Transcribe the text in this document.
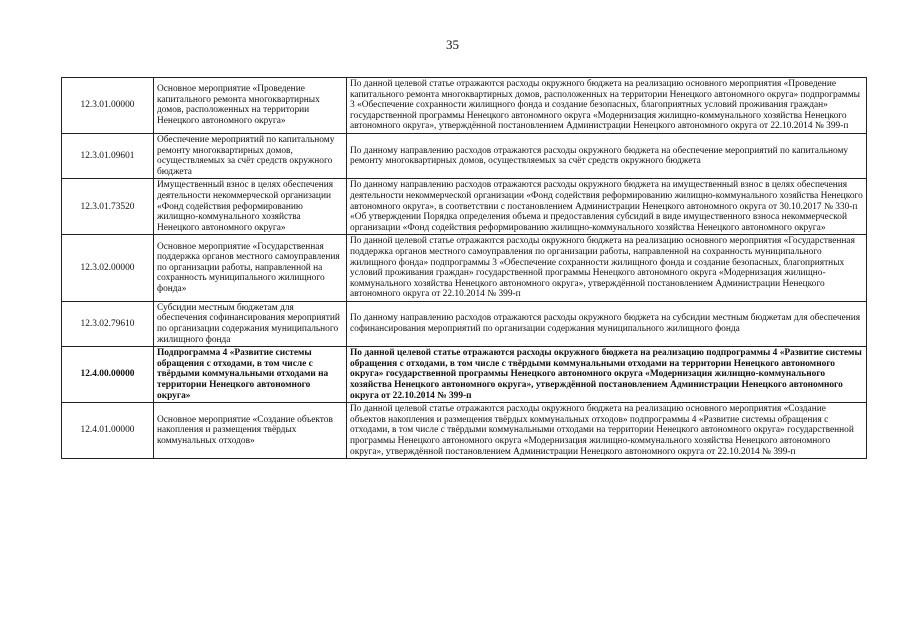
35
12.3.01.00000	Основное мероприятие «Проведение капитального ремонта многоквартирных домов, расположенных на территории Ненецкого автономного округа»	По данной целевой статье отражаются расходы окружного бюджета на реализацию основного мероприятия «Проведение капитального ремонта многоквартирных домов, расположенных на территории Ненецкого автономного округа» подпрограммы 3 «Обеспечение сохранности жилищного фонда и создание безопасных, благоприятных условий проживания граждан» государственной программы Ненецкого автономного округа «Модернизация жилищно-коммунального хозяйства Ненецкого автономного округа», утверждённой постановлением Администрации Ненецкого автономного округа от 22.10.2014 № 399-п
12.3.01.09601	Обеспечение мероприятий по капитальному ремонту многоквартирных домов, осуществляемых за счёт средств окружного бюджета	По данному направлению расходов отражаются расходы окружного бюджета на обеспечение мероприятий по капитальному ремонту многоквартирных домов, осуществляемых за счёт средств окружного бюджета
12.3.01.73520	Имущественный взнос в целях обеспечения деятельности некоммерческой организации «Фонд содействия реформированию жилищно-коммунального хозяйства Ненецкого автономного округа»	По данному направлению расходов отражаются расходы окружного бюджета на имущественный взнос в целях обеспечения деятельности некоммерческой организации «Фонд содействия реформированию жилищно-коммунального хозяйства Ненецкого автономного округа», в соответствии с постановлением Администрации Ненецкого автономного округа от 30.10.2017 № 330-п «Об утверждении Порядка определения объемa и предоставления субсидий в виде имущественного взноса некоммерческой организации «Фонд содействия реформированию жилищно-коммунального хозяйства Ненецкого автономного округа»
12.3.02.00000	Основное мероприятие «Государственная поддержка органов местного самоуправления по организации работы, направленной на сохранность муниципального жилищного фонда»	По данной целевой статье отражаются расходы окружного бюджета на реализацию основного мероприятия «Государственная поддержка органов местного самоуправления по организации работы, направленной на сохранность муниципального жилищного фонда» подпрограммы 3 «Обеспечение сохранности жилищного фонда и создание безопасных, благоприятных условий проживания граждан» государственной программы Ненецкого автономного округа «Модернизация жилищно-коммунального хозяйства Ненецкого автономного округа», утверждённой постановлением Администрации Ненецкого автономного округа от 22.10.2014 № 399-п
12.3.02.79610	Субсидии местным бюджетам для обеспечения софинансирования мероприятий по организации содержания муниципального жилищного фонда	По данному направлению расходов отражаются расходы окружного бюджета на субсидии местным бюджетам для обеспечения софинансирования мероприятий по организации содержания муниципального жилищного фонда
12.4.00.00000	Подпрограмма 4 «Развитие системы обращения с отходами, в том числе с твёрдыми коммунальными отходами на территории Ненецкого автономного округа»	По данной целевой статье отражаются расходы окружного бюджета на реализацию подпрограммы 4 «Развитие системы обращения с отходами, в том числе с твёрдыми коммунальными отходами на территории Ненецкого автономного округа» государственной программы Ненецкого автономного округа «Модернизация жилищно-коммунального хозяйства Ненецкого автономного округа», утверждённой постановлением Администрации Ненецкого автономного округа от 22.10.2014 № 399-п
12.4.01.00000	Основное мероприятие «Создание объектов накопления и размещения твёрдых коммунальных отходов»	По данной целевой статье отражаются расходы окружного бюджета на реализацию основного мероприятия «Создание объектов накопления и размещения твёрдых коммунальных отходов» подпрограммы 4 «Развитие системы обращения с отходами, в том числе с твёрдыми коммунальными отходами на территории Ненецкого автономного округа» государственной программы Ненецкого автономного округа «Модернизация жилищно-коммунального хозяйства Ненецкого автономного округа», утверждённой постановлением Администрации Ненецкого автономного округа от 22.10.2014 № 399-п
